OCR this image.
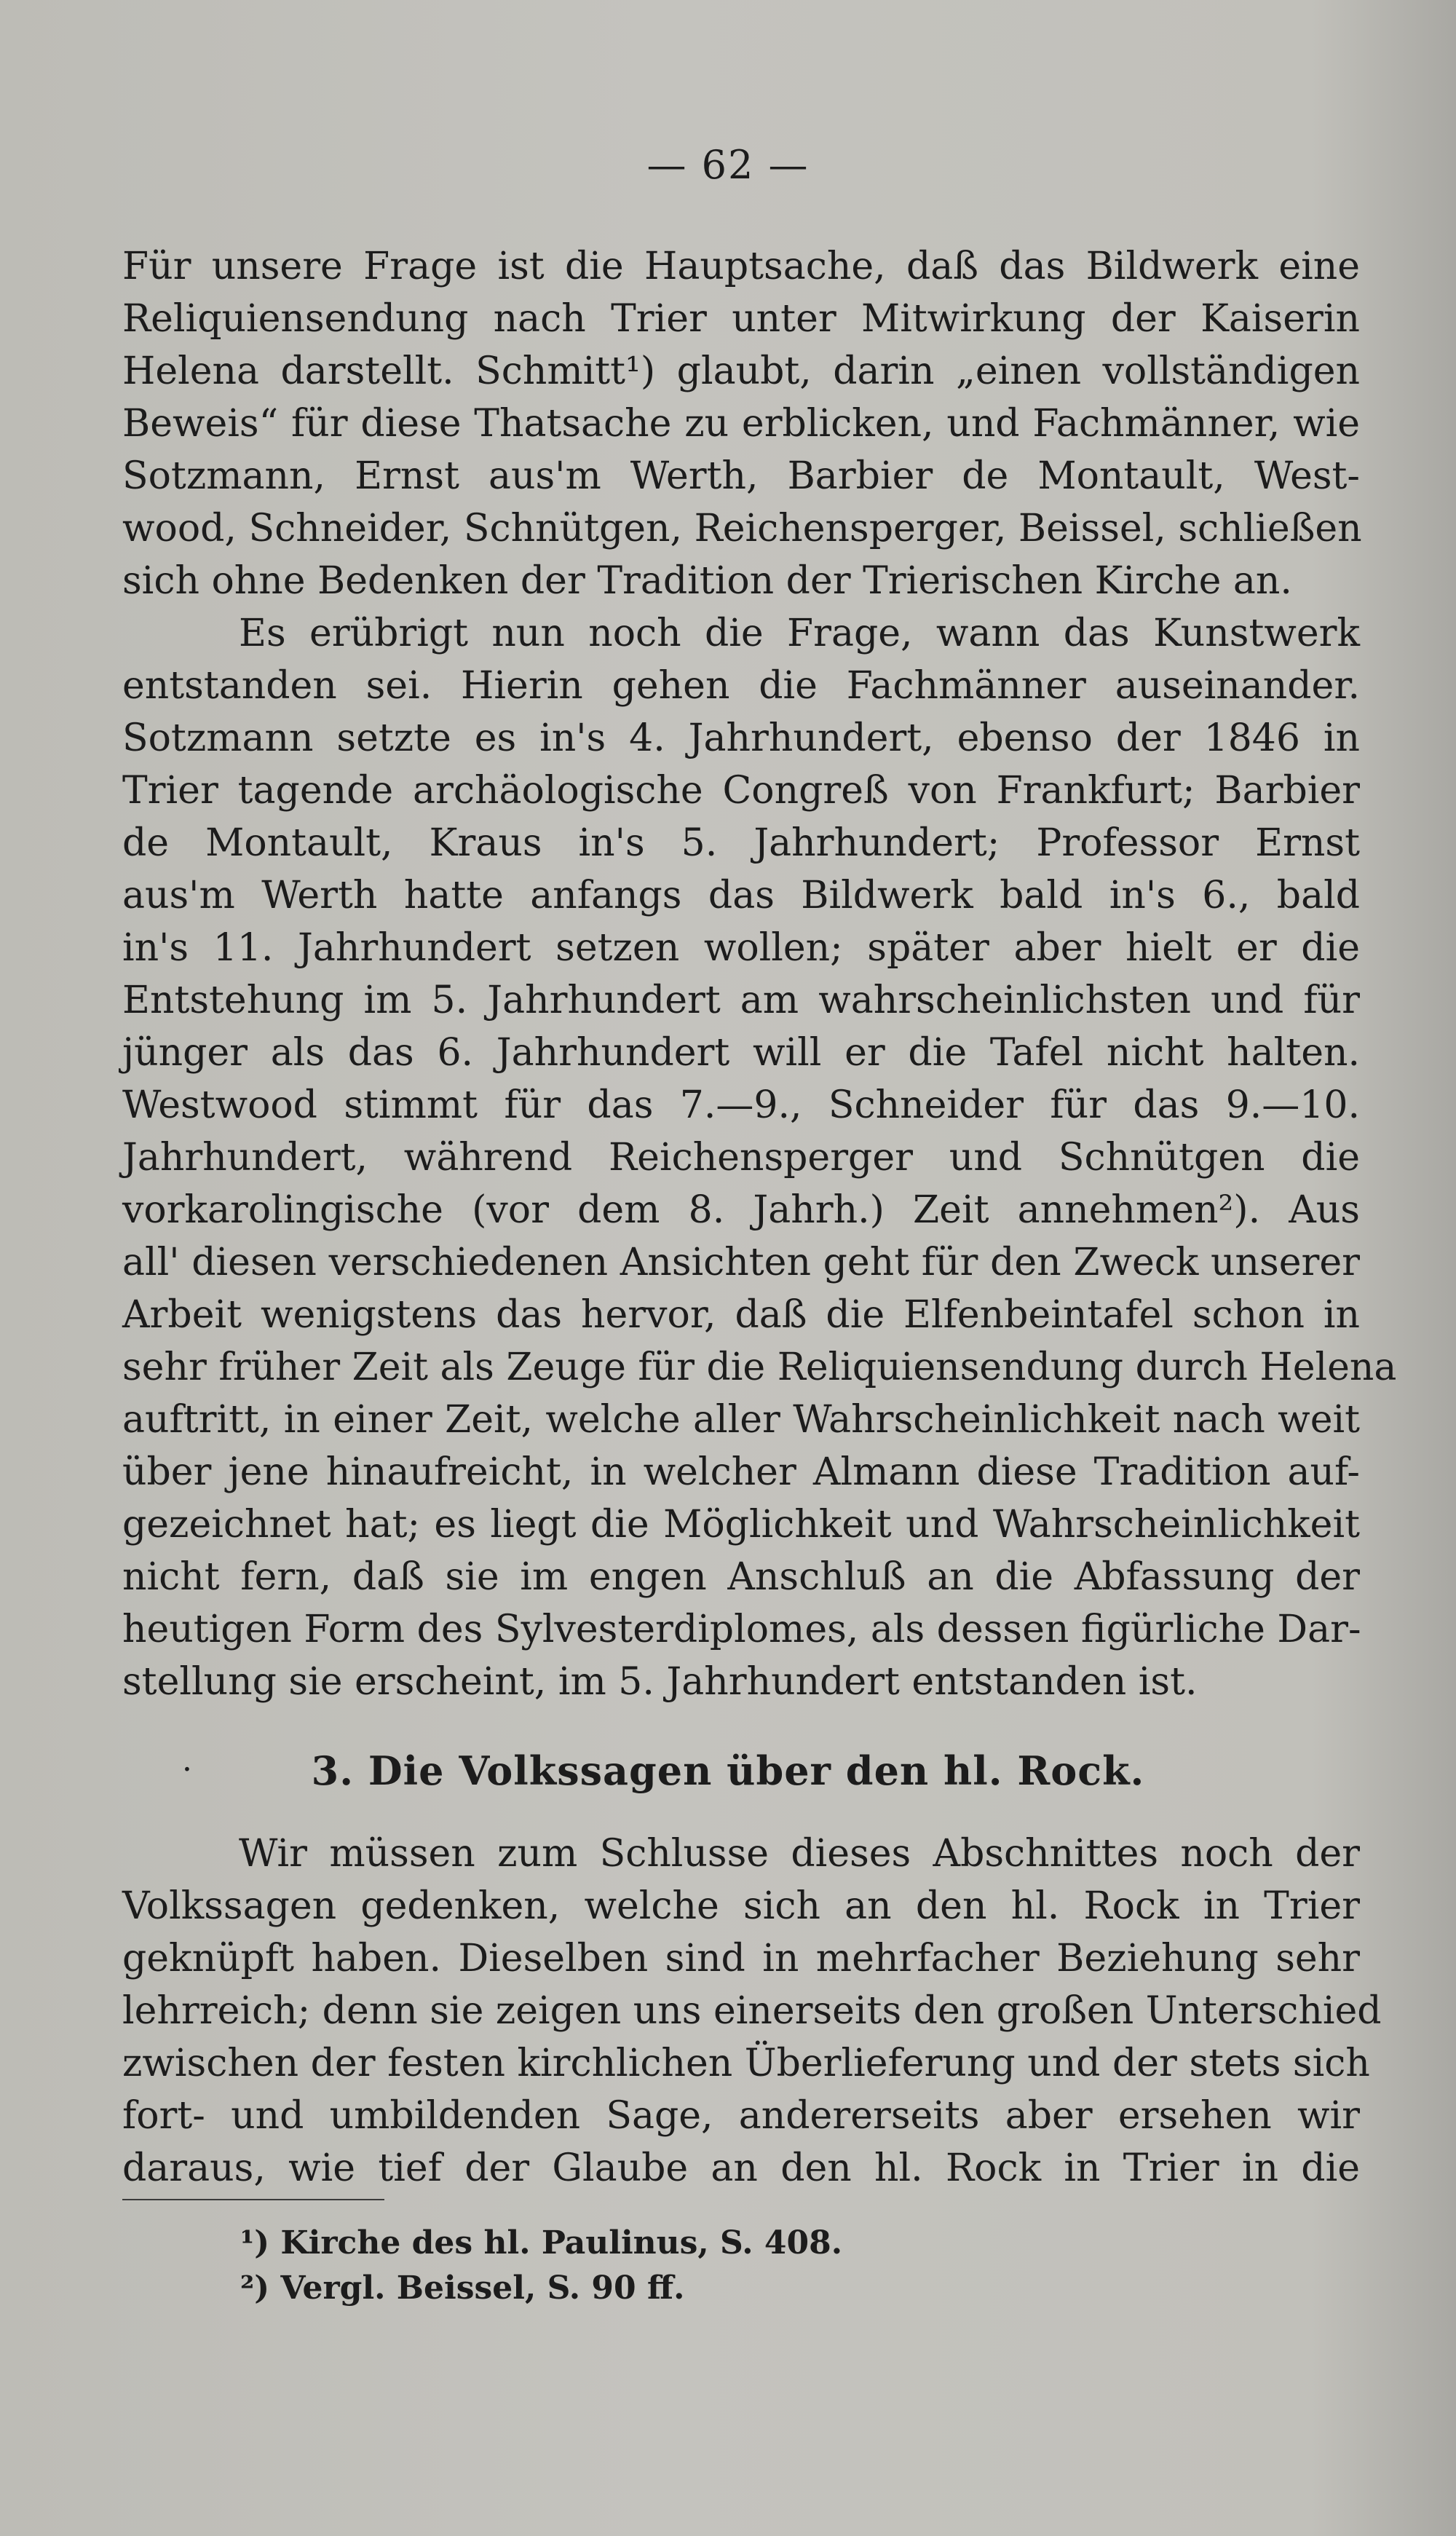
— 62 —
Für unsere Frage ist die Hauptsache, daß das Bildwerk eine
Reliquiensendung nach Trier unter Mitwirkung der Kaiserin
Helena darstellt. Schmitt¹) glaubt, darin „einen vollständigen
Beweis“ für diese Thatsache zu erblicken, und Fachmänner, wie
Sotzmann, Ernst aus'm Werth, Barbier de Montault, West-
wood, Schneider, Schnütgen, Reichensperger, Beissel, schließen
sich ohne Bedenken der Tradition der Trierischen Kirche an.
Es erübrigt nun noch die Frage, wann das Kunstwerk
entstanden sei. Hierin gehen die Fachmänner auseinander.
Sotzmann setzte es in's 4. Jahrhundert, ebenso der 1846 in
Trier tagende archäologische Congreß von Frankfurt; Barbier
de Montault, Kraus in's 5. Jahrhundert; Professor Ernst
aus'm Werth hatte anfangs das Bildwerk bald in's 6., bald
in's 11. Jahrhundert setzen wollen; später aber hielt er die
Entstehung im 5. Jahrhundert am wahrscheinlichsten und für
jünger als das 6. Jahrhundert will er die Tafel nicht halten.
Westwood stimmt für das 7.—9., Schneider für das 9.—10.
Jahrhundert, während Reichensperger und Schnütgen die
vorkarolingische (vor dem 8. Jahrh.) Zeit annehmen²). Aus
all' diesen verschiedenen Ansichten geht für den Zweck unserer
Arbeit wenigstens das hervor, daß die Elfenbeintafel schon in
sehr früher Zeit als Zeuge für die Reliquiensendung durch Helena
auftritt, in einer Zeit, welche aller Wahrscheinlichkeit nach weit
über jene hinaufreicht, in welcher Almann diese Tradition auf-
gezeichnet hat; es liegt die Möglichkeit und Wahrscheinlichkeit
nicht fern, daß sie im engen Anschluß an die Abfassung der
heutigen Form des Sylvesterdiplomes, als dessen figürliche Dar-
stellung sie erscheint, im 5. Jahrhundert entstanden ist.
·	3. Die Volkssagen über den hl. Rock.
Wir müssen zum Schlusse dieses Abschnittes noch der
Volkssagen gedenken, welche sich an den hl. Rock in Trier
geknüpft haben. Dieselben sind in mehrfacher Beziehung sehr
lehrreich; denn sie zeigen uns einerseits den großen Unterschied
zwischen der festen kirchlichen Überlieferung und der stets sich
fort- und umbildenden Sage, andererseits aber ersehen wir
daraus, wie tief der Glaube an den hl. Rock in Trier in die
¹) Kirche des hl. Paulinus, S. 408.
²) Vergl. Beissel, S. 90 ff.
